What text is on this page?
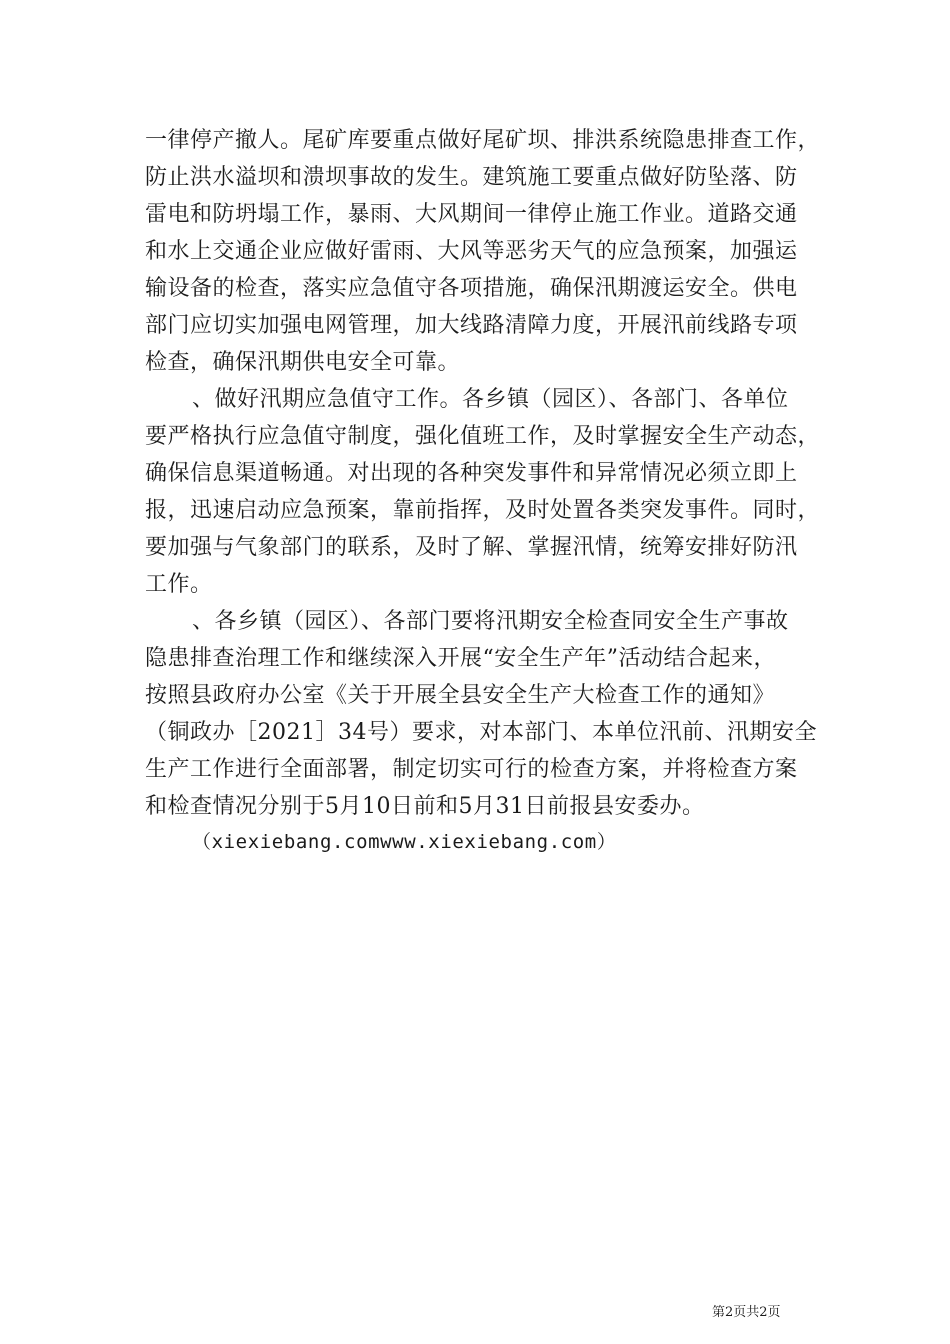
一律停产撤人。尾矿库要重点做好尾矿坝、排洪系统隐患排查工作，
防止洪水溢坝和溃坝事故的发生。建筑施工要重点做好防坠落、防
雷电和防坍塌工作，暴雨、大风期间一律停止施工作业。道路交通
和水上交通企业应做好雷雨、大风等恶劣天气的应急预案，加强运
输设备的检查，落实应急值守各项措施，确保汛期渡运安全。供电
部门应切实加强电网管理，加大线路清障力度，开展汛前线路专项
检查，确保汛期供电安全可靠。
、做好汛期应急值守工作。各乡镇（园区）、各部门、各单位
要严格执行应急值守制度，强化值班工作，及时掌握安全生产动态，
确保信息渠道畅通。对出现的各种突发事件和异常情况必须立即上
报，迅速启动应急预案，靠前指挥，及时处置各类突发事件。同时，
要加强与气象部门的联系，及时了解、掌握汛情，统筹安排好防汛
工作。
、各乡镇（园区）、各部门要将汛期安全检查同安全生产事故
隐患排查治理工作和继续深入开展“安全生产年”活动结合起来，
按照县政府办公室《关于开展全县安全生产大检查工作的通知》
（铜政办［2021］34号）要求，对本部门、本单位汛前、汛期安全
生产工作进行全面部署，制定切实可行的检查方案，并将检查方案
和检查情况分别于5月10日前和5月31日前报县安委办。
（xiexiebang.comwww.xiexiebang.com）
第2页共2页
